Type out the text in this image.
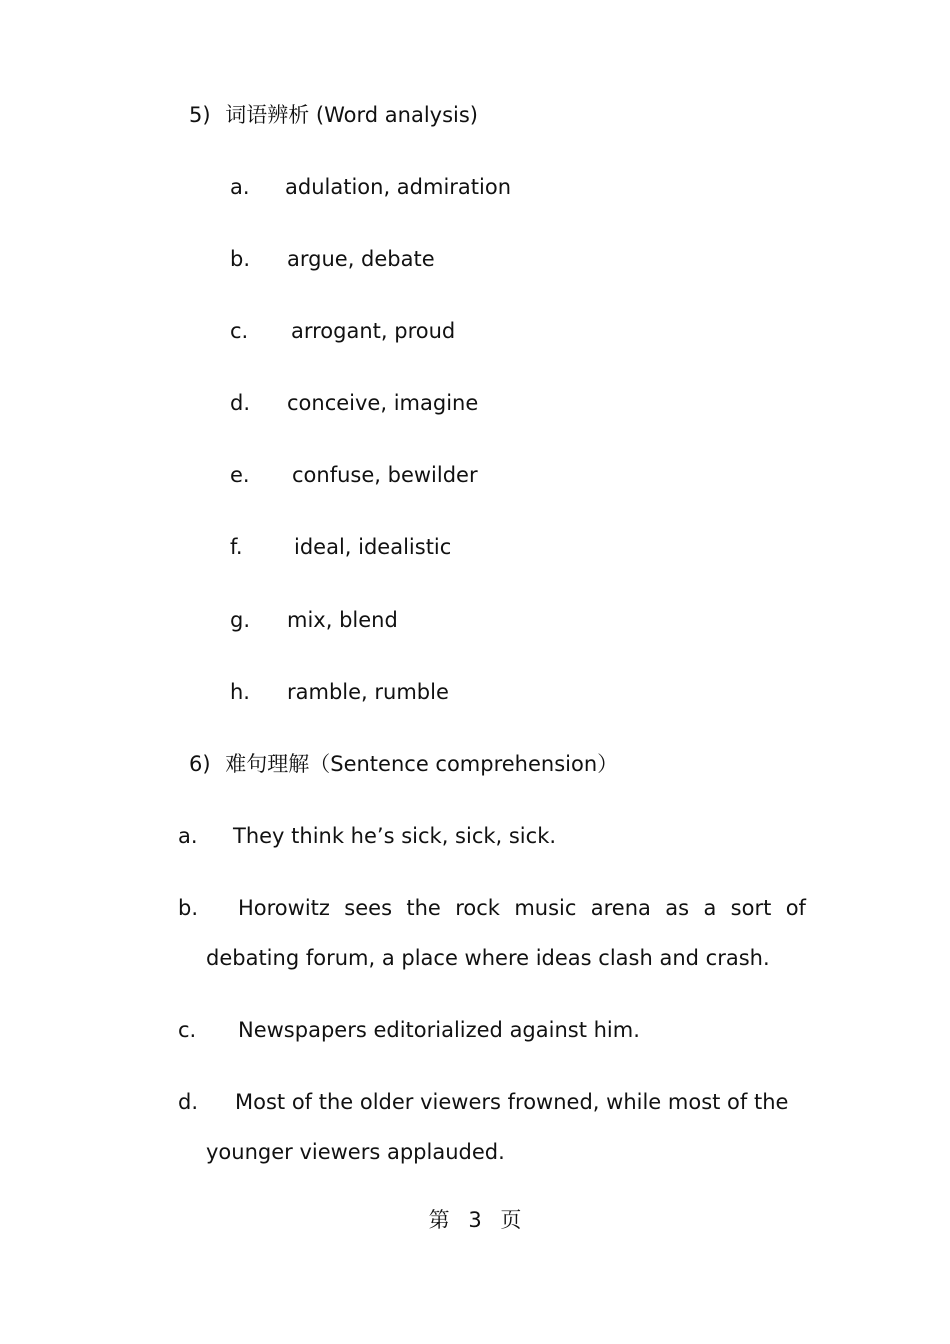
5) 词语辨析 (Word analysis)
a. adulation, admiration
b. argue, debate
c. arrogant, proud
d. conceive, imagine
e. confuse, bewilder
f. ideal, idealistic
g. mix, blend
h. ramble, rumble
6) 难句理解（Sentence comprehension）
a. They think he’s sick, sick, sick.
b. Horowitz sees the rock music arena as a sort of
debating forum, a place where ideas clash and crash.
c. Newspapers editorialized against him.
d. Most of the older viewers frowned, while most of the
younger viewers applauded.
第 3 页
